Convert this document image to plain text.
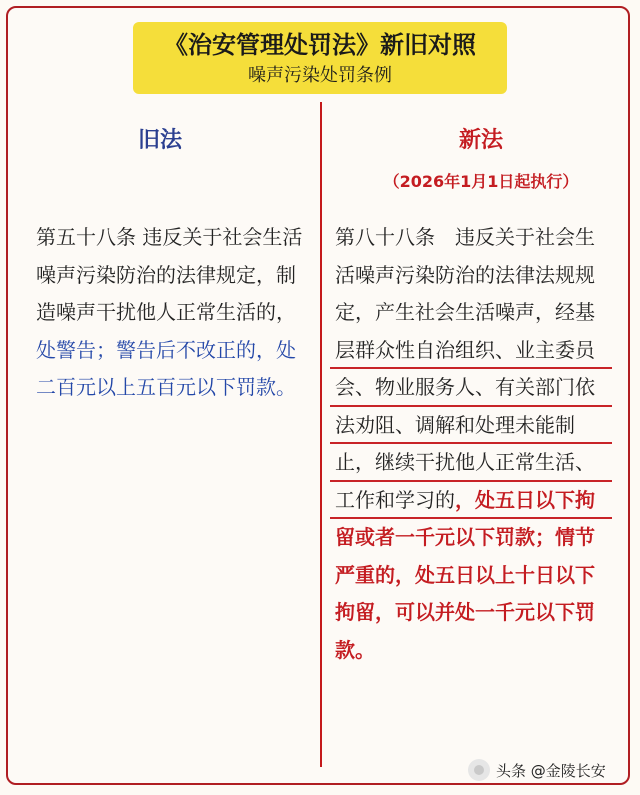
《治安管理处罚法》新旧对照
噪声污染处罚条例
旧法	新法
（2026年1月1日起执行）
第五十八条 违反关于社会生活噪声污染防治的法律规定，制造噪声干扰他人正常生活的，处警告；警告后不改正的，处二百元以上五百元以下罚款。
第八十八条　违反关于社会生活噪声污染防治的法律法规规定，产生社会生活噪声，经基层群众性自治组织、业主委员会、物业服务人、有关部门依法劝阻、调解和处理未能制止，继续干扰他人正常生活、工作和学习的，处五日以下拘留或者一千元以下罚款；情节严重的，处五日以上十日以下拘留，可以并处一千元以下罚款。
头条 @金陵长安
